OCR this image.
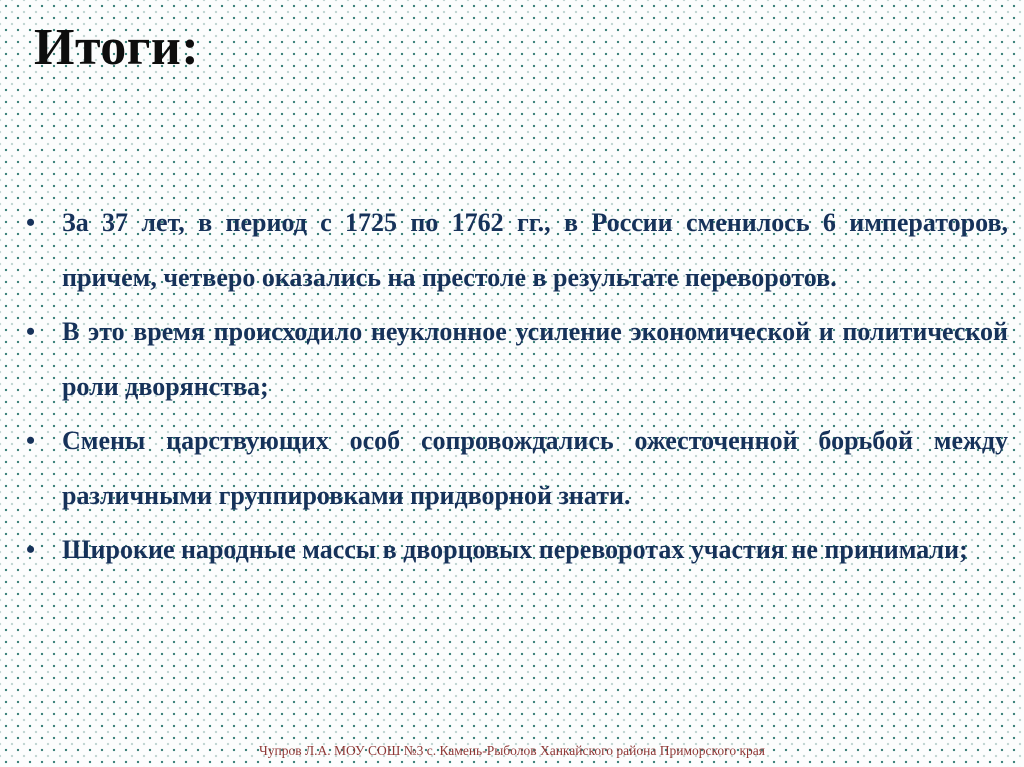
Итоги:
•	За 37 лет, в период с 1725 по 1762 гг., в России сменилось 6 императоров, причем, четверо оказались на престоле в результате переворотов.
•	В это время происходило неуклонное усиление экономической и политической роли дворянства;
•	Смены царствующих особ сопровождались ожесточенной борьбой между различными группировками придворной знати.
•	Широкие народные массы в дворцовых переворотах участия не принимали;
Чупров Л.А. МОУ СОШ №3 с. Камень-Рыболов Ханкайского района Приморского края
